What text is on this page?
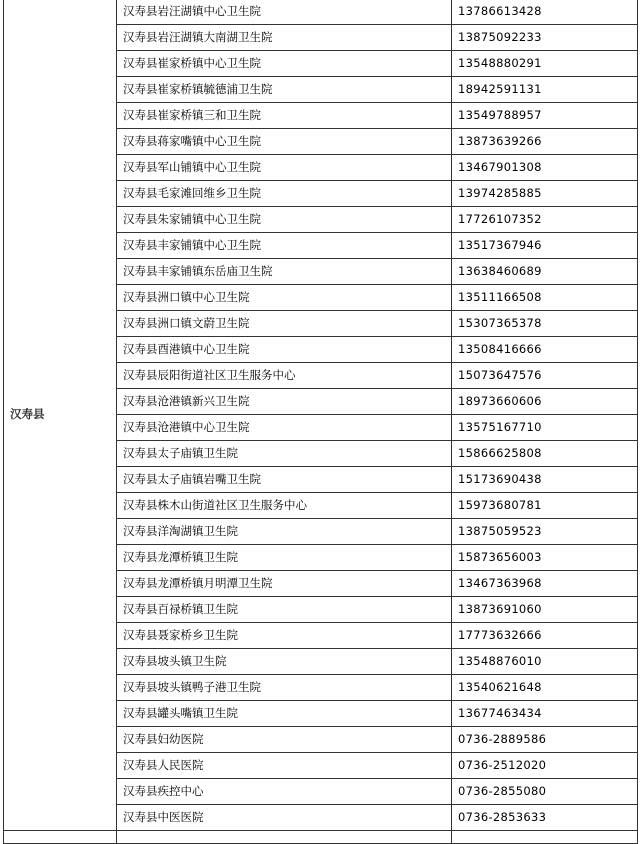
汉寿县	汉寿县岩汪湖镇中心卫生院	13786613428
	汉寿县岩汪湖镇大南湖卫生院	13875092233
	汉寿县崔家桥镇中心卫生院	13548880291
	汉寿县崔家桥镇毓德浦卫生院	18942591131
	汉寿县崔家桥镇三和卫生院	13549788957
	汉寿县蒋家嘴镇中心卫生院	13873639266
	汉寿县军山铺镇中心卫生院	13467901308
	汉寿县毛家滩回维乡卫生院	13974285885
	汉寿县朱家铺镇中心卫生院	17726107352
	汉寿县丰家铺镇中心卫生院	13517367946
	汉寿县丰家铺镇东岳庙卫生院	13638460689
	汉寿县洲口镇中心卫生院	13511166508
	汉寿县洲口镇文蔚卫生院	15307365378
	汉寿县酉港镇中心卫生院	13508416666
	汉寿县辰阳街道社区卫生服务中心	15073647576
	汉寿县沧港镇新兴卫生院	18973660606
	汉寿县沧港镇中心卫生院	13575167710
	汉寿县太子庙镇卫生院	15866625808
	汉寿县太子庙镇岩嘴卫生院	15173690438
	汉寿县株木山街道社区卫生服务中心	15973680781
	汉寿县洋淘湖镇卫生院	13875059523
	汉寿县龙潭桥镇卫生院	15873656003
	汉寿县龙潭桥镇月明潭卫生院	13467363968
	汉寿县百禄桥镇卫生院	13873691060
	汉寿县聂家桥乡卫生院	17773632666
	汉寿县坡头镇卫生院	13548876010
	汉寿县坡头镇鸭子港卫生院	13540621648
	汉寿县罐头嘴镇卫生院	13677463434
	汉寿县妇幼医院	0736-2889586
	汉寿县人民医院	0736-2512020
	汉寿县疾控中心	0736-2855080
	汉寿县中医医院	0736-2853633
